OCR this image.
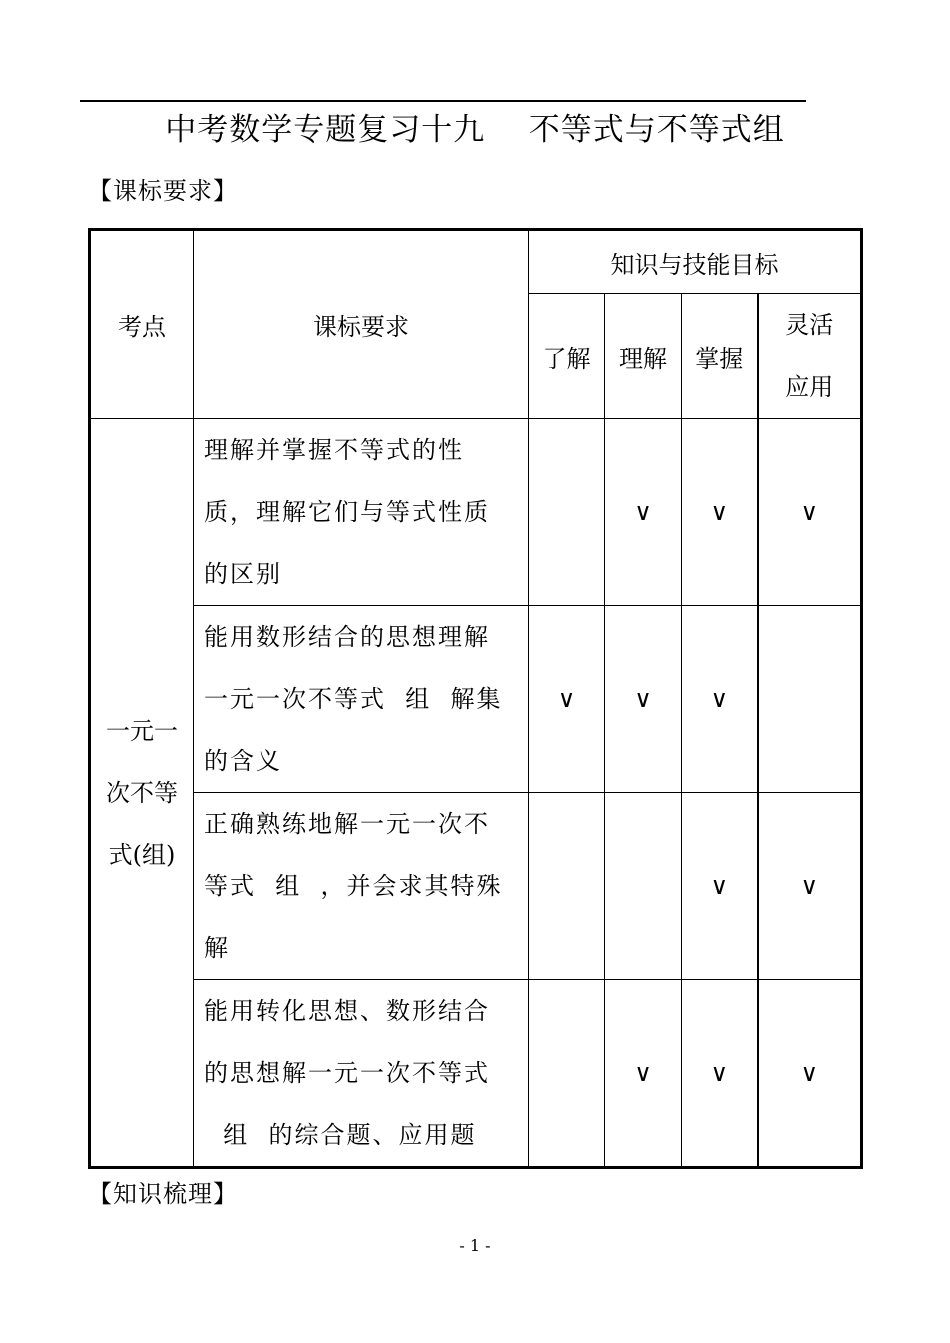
中考数学专题复习十九    不等式与不等式组
【课标要求】
考点	课标要求	知识与技能目标			
		了解	理解	掌握	灵活
应用

一元一
次不等
式(组)	理解并掌握不等式的性
质，理解它们与等式性质
的区别		∨	∨	∨

	能用数形结合的思想理解
一元一次不等式  组  解集
的含义	∨	∨	∨	

	正确熟练地解一元一次不
等式  组  ，并会求其特殊
解			∨	∨

	能用转化思想、数形结合
的思想解一元一次不等式
组  的综合题、应用题		∨	∨	∨
【知识梳理】
- 1 -
